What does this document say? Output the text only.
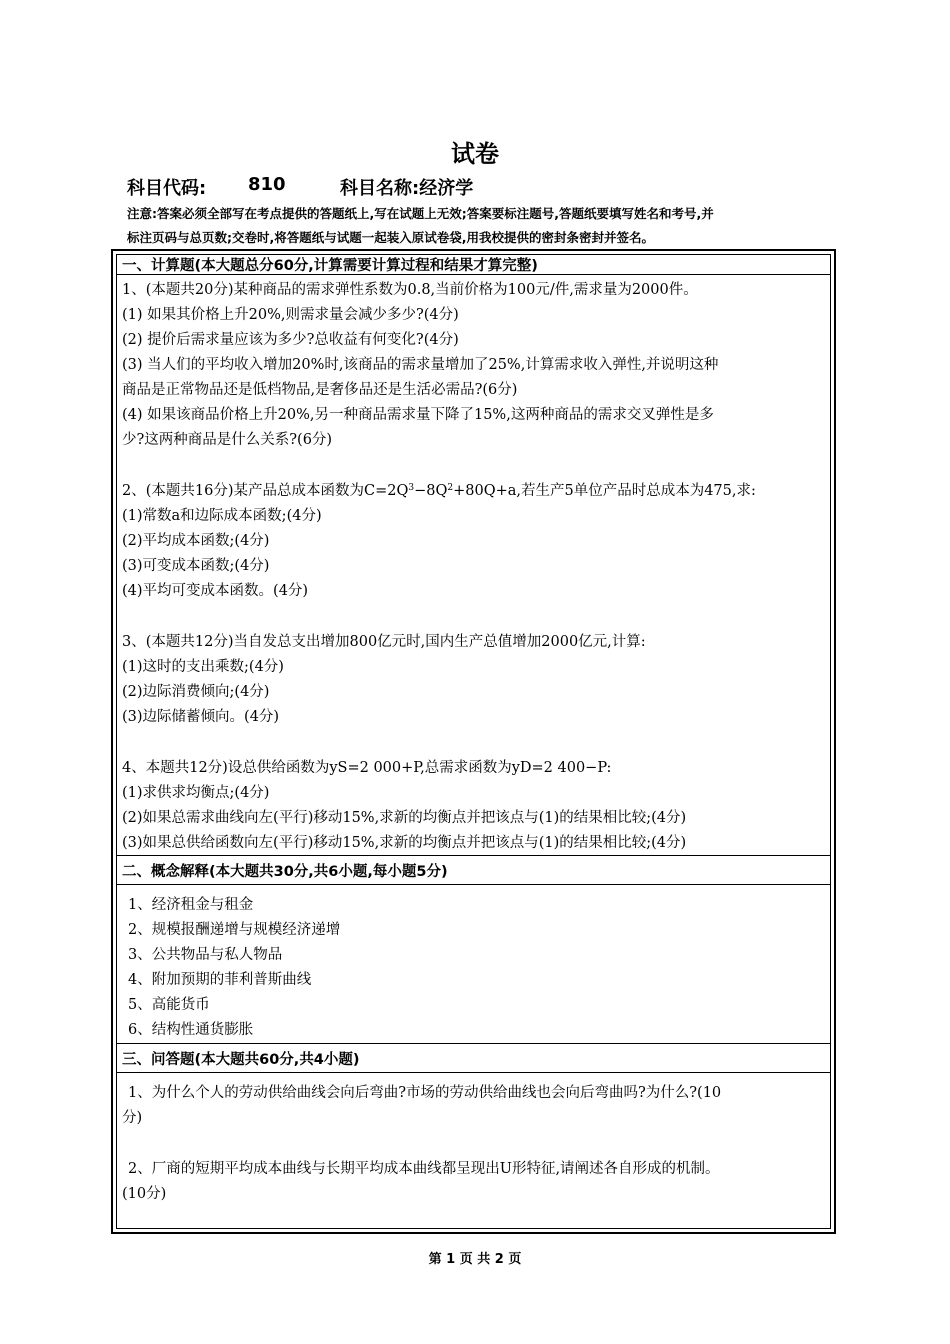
试卷
科目代码: 810	科目名称:经济学
注意:答案必须全部写在考点提供的答题纸上,写在试题上无效;答案要标注题号,答题纸要填写姓名和考号,并
标注页码与总页数;交卷时,将答题纸与试题一起装入原试卷袋,用我校提供的密封条密封并签名。
一、计算题(本大题总分60分,计算需要计算过程和结果才算完整)
1、(本题共20分)某种商品的需求弹性系数为0.8,当前价格为100元/件,需求量为2000件。
(1) 如果其价格上升20%,则需求量会减少多少?(4分)
(2) 提价后需求量应该为多少?总收益有何变化?(4分)
(3) 当人们的平均收入增加20%时,该商品的需求量增加了25%,计算需求收入弹性,并说明这种
商品是正常物品还是低档物品,是奢侈品还是生活必需品?(6分)
(4) 如果该商品价格上升20%,另一种商品需求量下降了15%,这两种商品的需求交叉弹性是多
少?这两种商品是什么关系?(6分)
2、(本题共16分)某产品总成本函数为$C=2Q^3-8Q^2+80Q+a$,若生产5单位产品时总成本为475,求:
(1)常数a和边际成本函数;(4分)
(2)平均成本函数;(4分)
(3)可变成本函数;(4分)
(4)平均可变成本函数。(4分)
3、(本题共12分)当自发总支出增加800亿元时,国内生产总值增加2000亿元,计算:
(1)这时的支出乘数;(4分)
(2)边际消费倾向;(4分)
(3)边际储蓄倾向。(4分)
4、本题共12分)设总供给函数为yS=2 000+P,总需求函数为yD=2 400−P:
(1)求供求均衡点;(4分)
(2)如果总需求曲线向左(平行)移动15%,求新的均衡点并把该点与(1)的结果相比较;(4分)
(3)如果总供给函数向左(平行)移动15%,求新的均衡点并把该点与(1)的结果相比较;(4分)
二、概念解释(本大题共30分,共6小题,每小题5分)
1、经济租金与租金
2、规模报酬递增与规模经济递增
3、公共物品与私人物品
4、附加预期的菲利普斯曲线
5、高能货币
6、结构性通货膨胀
三、问答题(本大题共60分,共4小题)
1、为什么个人的劳动供给曲线会向后弯曲?市场的劳动供给曲线也会向后弯曲吗?为什么?(10
分)
2、厂商的短期平均成本曲线与长期平均成本曲线都呈现出U形特征,请阐述各自形成的机制。
(10分)
第 1 页 共 2 页
